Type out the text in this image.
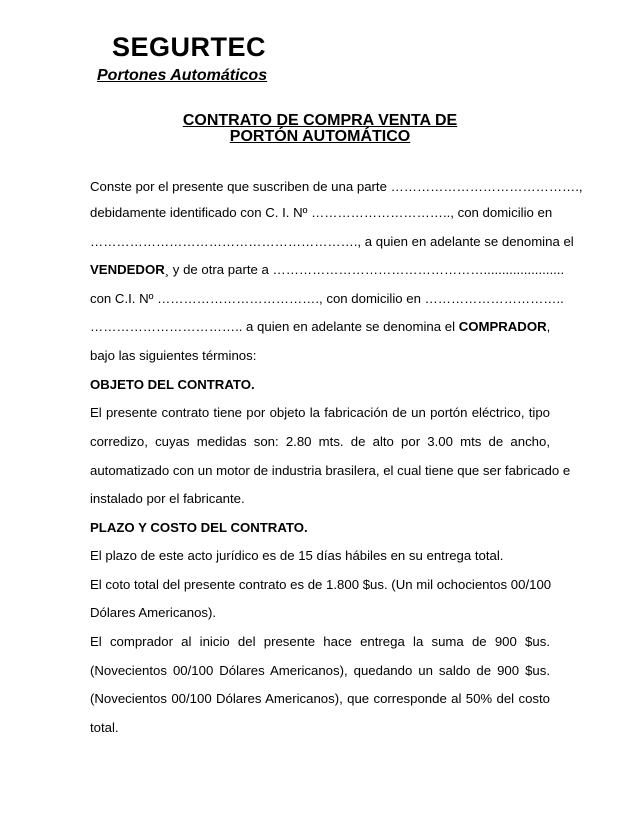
SEGURTEC
Portones Automáticos
CONTRATO DE COMPRA VENTA DE
PORTÓN AUTOMÁTICO
Conste por el presente que suscriben de una parte …………………………………….,
debidamente identificado con C. I. Nº ………………………….., con domicilio en
……………………………………………………., a quien en adelante se denomina el
VENDEDOR¸ y de otra parte a …………………………………………......................
con C.I. Nº ………………………………., con domicilio en …………………………..
…………………………….. a quien en adelante se denomina el COMPRADOR,
bajo las siguientes términos:
OBJETO DEL CONTRATO.
El presente contrato tiene por objeto la fabricación de un portón eléctrico, tipo
corredizo, cuyas medidas son: 2.80 mts. de alto por 3.00 mts de ancho,
automatizado con un motor de industria brasilera, el cual tiene que ser fabricado e
instalado por el fabricante.
PLAZO Y COSTO DEL CONTRATO.
El plazo de este acto jurídico es de 15 días hábiles en su entrega total.
El coto total del presente contrato es de 1.800 $us. (Un mil ochocientos 00/100
Dólares Americanos).
El comprador al inicio del presente hace entrega la suma de 900 $us.
(Novecientos 00/100 Dólares Americanos), quedando un saldo de 900 $us.
(Novecientos 00/100 Dólares Americanos), que corresponde al 50% del costo
total.
